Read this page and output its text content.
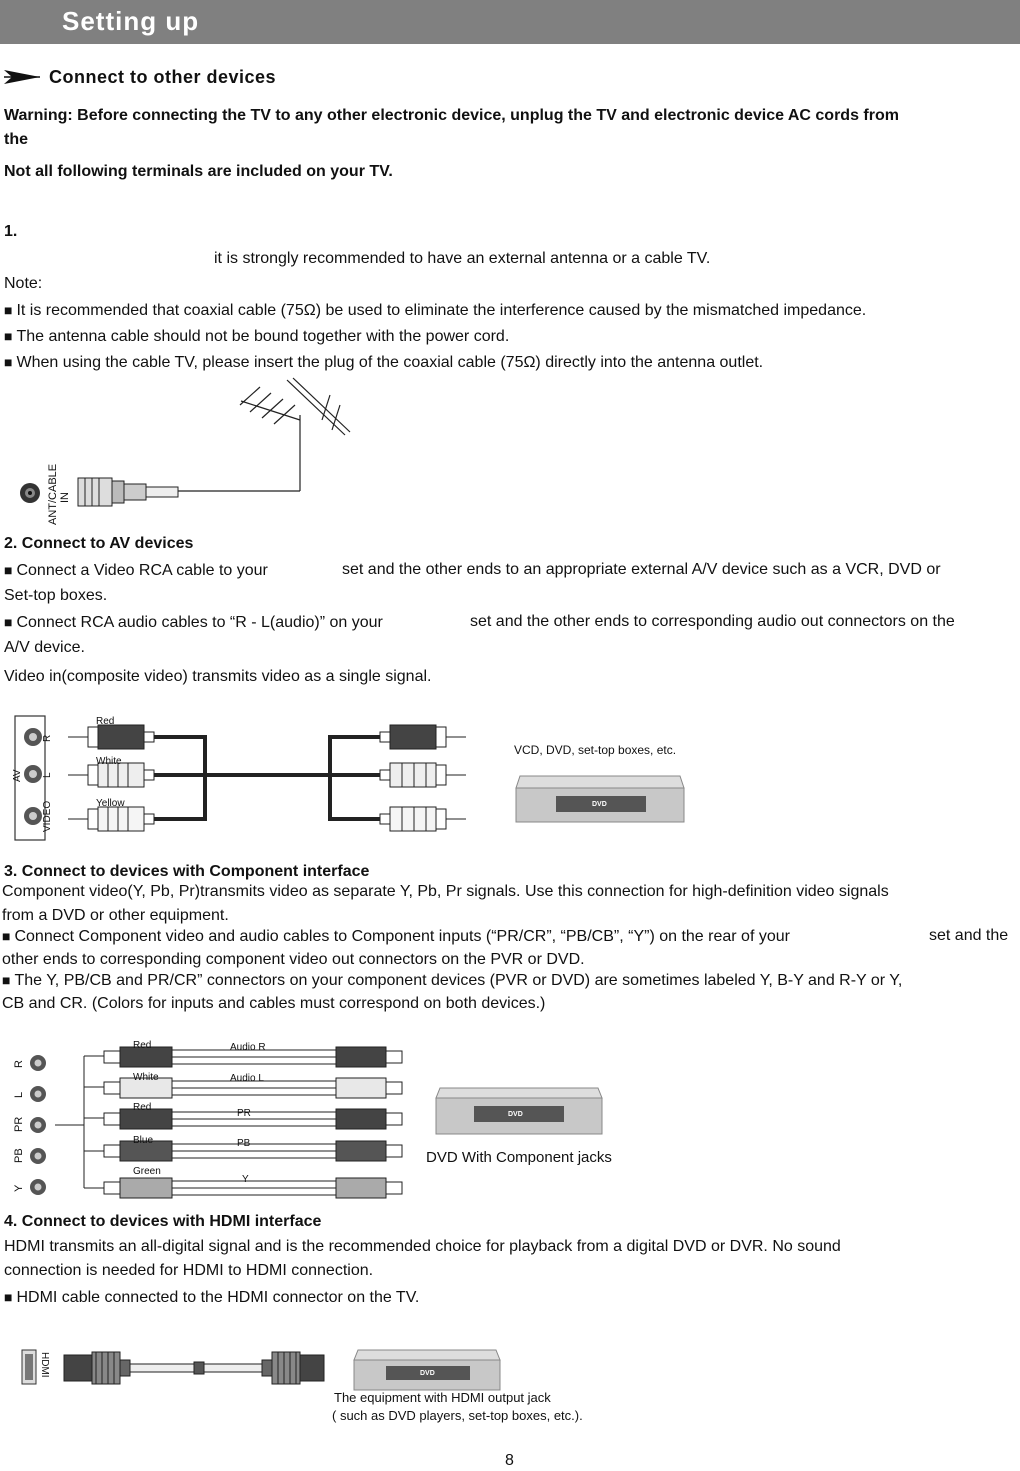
Setting up
Connect to other devices
Warning: Before connecting the TV to any other electronic device, unplug the TV and electronic device AC cords from
the
Not all following terminals are included on your TV.
1.
it is strongly recommended to have an external antenna or a cable TV.
Note:
■ It is recommended that coaxial cable (75Ω) be used to eliminate the interference caused by the mismatched impedance.
■ The antenna cable should not be bound together with the power cord.
■ When using the cable TV, please insert the plug of the coaxial cable (75Ω) directly into the antenna outlet.
ANT/CABLE IN
2. Connect to AV devices
■ Connect a Video RCA cable to your	set and the other ends to an appropriate external A/V device such as a VCR, DVD or
Set-top boxes.
■ Connect RCA audio cables to “R - L(audio)” on your	set and the other ends to corresponding audio out connectors on the
A/V device.
Video in(composite video) transmits video as a single signal.
R
L
VIDEO
AV
Red
White
Yellow
VCD, DVD, set-top boxes, etc.
DVD
3. Connect to devices with Component interface
Component video(Y, Pb, Pr)transmits video as separate Y, Pb, Pr signals. Use this connection for high-definition video signals
from a DVD or other equipment.
■ Connect Component video and audio cables to Component inputs (“PR/CR”, “PB/CB”, “Y”) on the rear of your	set and the
other ends to corresponding component video out connectors on the PVR or DVD.
■ The Y, PB/CB and PR/CR” connectors on your component devices (PVR or DVD) are sometimes labeled Y, B-Y and R-Y or Y,
CB and CR. (Colors for inputs and cables must correspond on both devices.)
R
L
PR
PB
Y
Red
White
Red
Blue
Green
Audio R
Audio L
PR
PB
Y
DVD
DVD With Component jacks
4. Connect to devices with HDMI interface
HDMI transmits an all-digital signal and is the recommended choice for playback from a digital DVD or DVR. No sound
connection is needed for HDMI to HDMI connection.
■ HDMI cable connected to the HDMI connector on the TV.
HDMI	DVD
The equipment with HDMI output jack
( such as DVD players, set-top boxes, etc.).
8
